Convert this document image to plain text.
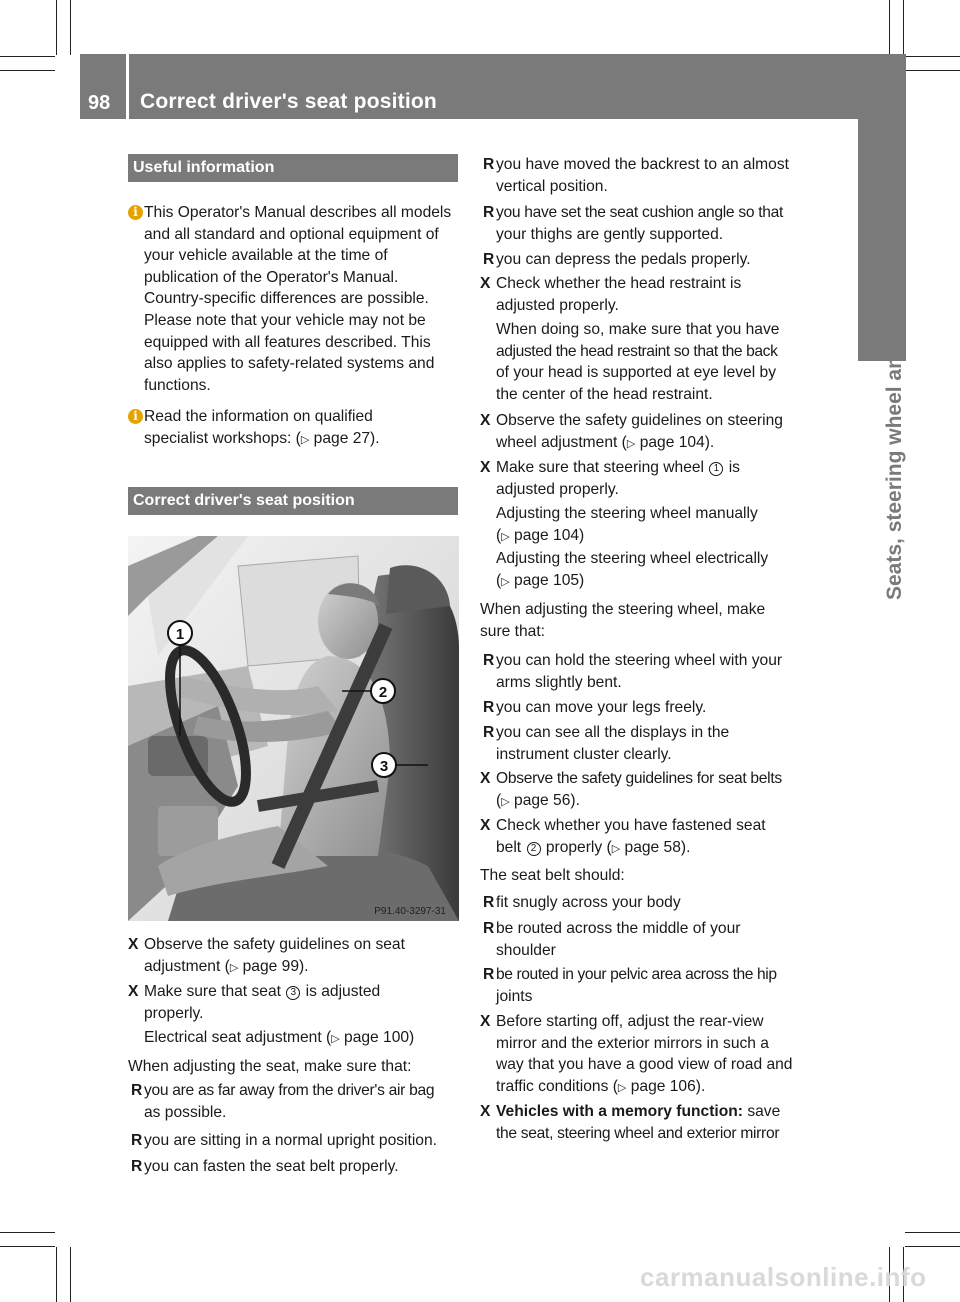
98 Correct driver's seat position
Seats, steering wheel and mirrors
Useful information
i This Operator's Manual describes all models and all standard and optional equipment of your vehicle available at the time of publication of the Operator's Manual. Country-specific differences are possible. Please note that your vehicle may not be equipped with all features described. This also applies to safety-related systems and functions.
i Read the information on qualified
specialist workshops: (▷ page 27).
Correct driver's seat position
1
2
3
P91.40-3297-31
X Observe the safety guidelines on seat
adjustment (▷ page 99).
X Make sure that seat 3 is adjusted
properly.
Electrical seat adjustment (▷ page 100)
When adjusting the seat, make sure that:
R you are as far away from the driver's air bag
as possible.
R you are sitting in a normal upright position.
R you can fasten the seat belt properly.
R you have moved the backrest to an almost
vertical position.
R you have set the seat cushion angle so that
your thighs are gently supported.
R you can depress the pedals properly.
X Check whether the head restraint is
adjusted properly.
When doing so, make sure that you have
adjusted the head restraint so that the back
of your head is supported at eye level by
the center of the head restraint.
X Observe the safety guidelines on steering
wheel adjustment (▷ page 104).
X Make sure that steering wheel 1 is
adjusted properly.
Adjusting the steering wheel manually
(▷ page 104)
Adjusting the steering wheel electrically
(▷ page 105)
When adjusting the steering wheel, make
sure that:
R you can hold the steering wheel with your
arms slightly bent.
R you can move your legs freely.
R you can see all the displays in the
instrument cluster clearly.
X Observe the safety guidelines for seat belts
(▷ page 56).
X Check whether you have fastened seat
belt 2 properly (▷ page 58).
The seat belt should:
R fit snugly across your body
R be routed across the middle of your
shoulder
R be routed in your pelvic area across the hip
joints
X Before starting off, adjust the rear-view
mirror and the exterior mirrors in such a
way that you have a good view of road and
traffic conditions (▷ page 106).
X Vehicles with a memory function: save
the seat, steering wheel and exterior mirror
carmanualsonline.info
